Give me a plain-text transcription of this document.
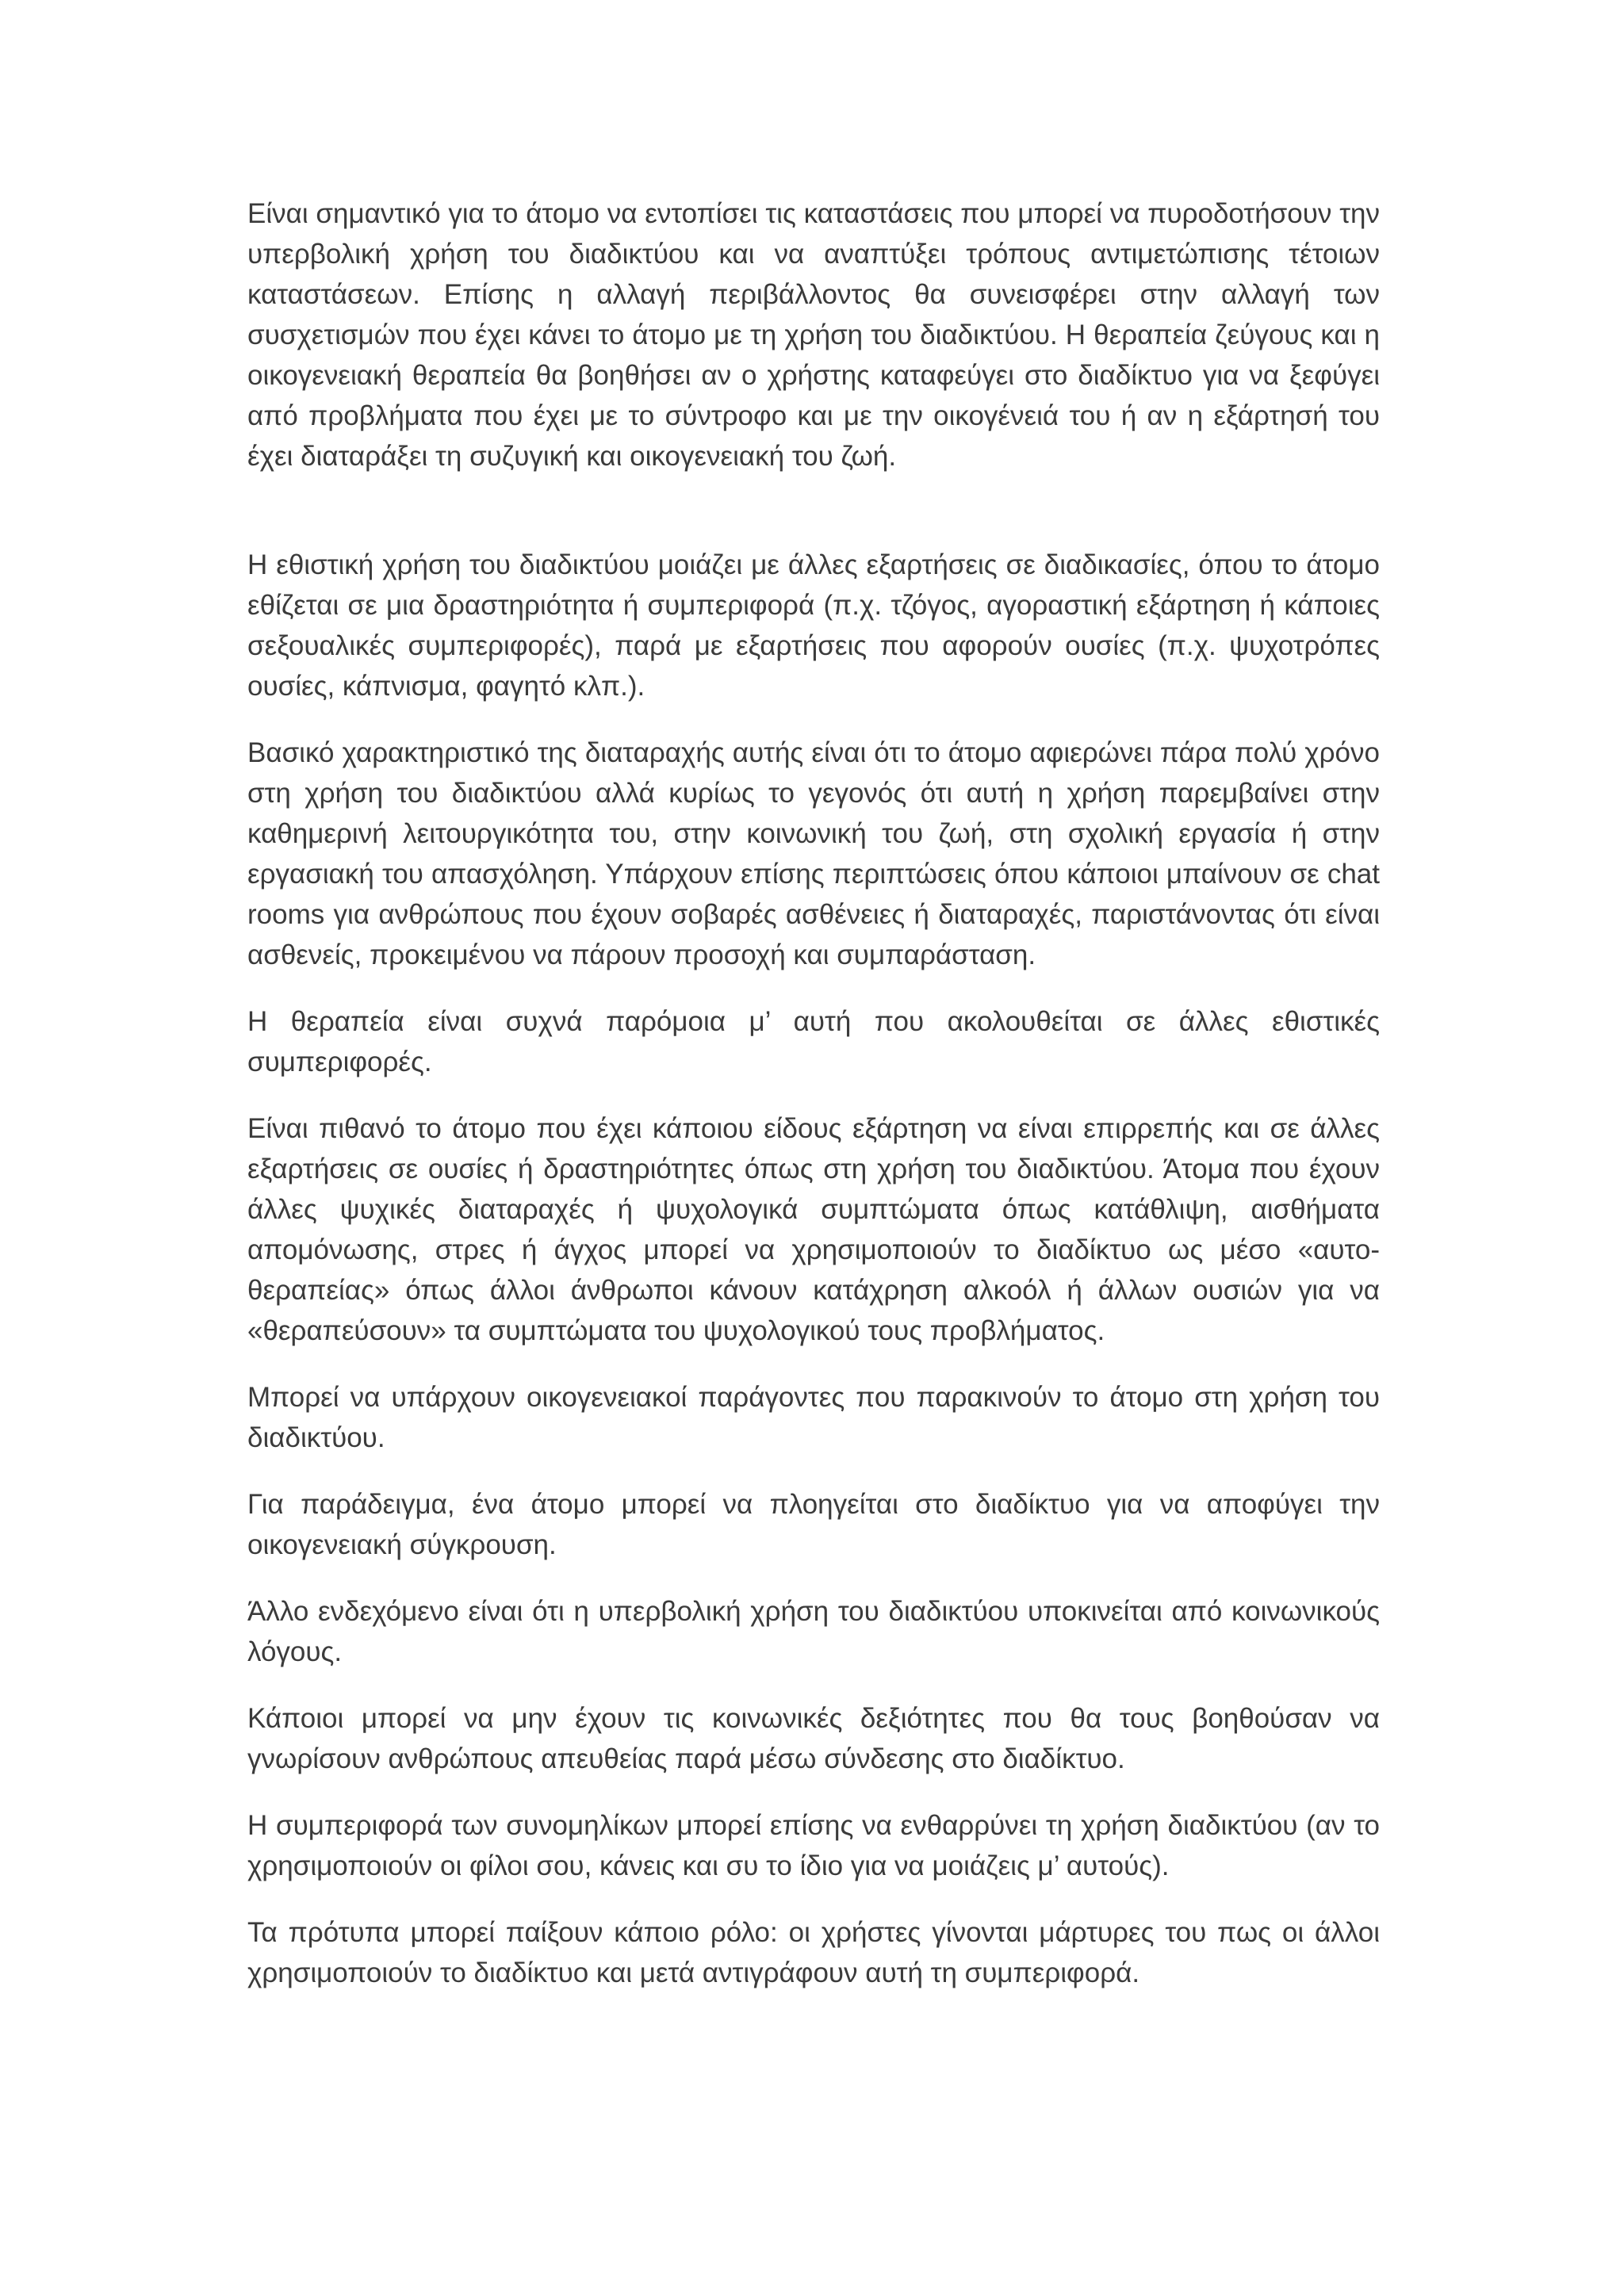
Είναι σημαντικό για το άτομο να εντοπίσει τις καταστάσεις που μπορεί να πυροδοτήσουν την υπερβολική χρήση του διαδικτύου και να αναπτύξει τρόπους αντιμετώπισης τέτοιων καταστάσεων. Επίσης η αλλαγή περιβάλλοντος θα συνεισφέρει στην αλλαγή των συσχετισμών που έχει κάνει το άτομο με τη χρήση του διαδικτύου. Η θεραπεία ζεύγους και η οικογενειακή θεραπεία θα βοηθήσει αν ο χρήστης καταφεύγει στο διαδίκτυο για να ξεφύγει από προβλήματα που έχει με το σύντροφο και με την οικογένειά του ή αν η εξάρτησή του έχει διαταράξει τη συζυγική και οικογενειακή του ζωή.

Η εθιστική χρήση του διαδικτύου μοιάζει με άλλες εξαρτήσεις σε διαδικασίες, όπου το άτομο εθίζεται σε μια δραστηριότητα ή συμπεριφορά (π.χ. τζόγος, αγοραστική εξάρτηση ή κάποιες σεξουαλικές συμπεριφορές), παρά με εξαρτήσεις που αφορούν ουσίες (π.χ. ψυχοτρόπες ουσίες, κάπνισμα, φαγητό κλπ.).

Βασικό χαρακτηριστικό της διαταραχής αυτής είναι ότι το άτομο αφιερώνει πάρα πολύ χρόνο στη χρήση του διαδικτύου αλλά κυρίως το γεγονός ότι αυτή η χρήση παρεμβαίνει στην καθημερινή λειτουργικότητα του, στην κοινωνική του ζωή, στη σχολική εργασία ή στην εργασιακή του απασχόληση. Υπάρχουν επίσης περιπτώσεις όπου κάποιοι μπαίνουν σε chat rooms για ανθρώπους που έχουν σοβαρές ασθένειες ή διαταραχές, παριστάνοντας ότι είναι ασθενείς, προκειμένου να πάρουν προσοχή και συμπαράσταση.

Η θεραπεία είναι συχνά παρόμοια μ’ αυτή που ακολουθείται σε άλλες εθιστικές συμπεριφορές.

Είναι πιθανό το άτομο που έχει κάποιου είδους εξάρτηση να είναι επιρρεπής και σε άλλες εξαρτήσεις σε ουσίες ή δραστηριότητες όπως στη χρήση του διαδικτύου. Άτομα που έχουν άλλες ψυχικές διαταραχές ή ψυχολογικά συμπτώματα όπως κατάθλιψη, αισθήματα απομόνωσης, στρες ή άγχος μπορεί να χρησιμοποιούν το διαδίκτυο ως μέσο «αυτο-θεραπείας» όπως άλλοι άνθρωποι κάνουν κατάχρηση αλκοόλ ή άλλων ουσιών για να «θεραπεύσουν» τα συμπτώματα του ψυχολογικού τους προβλήματος.

Μπορεί να υπάρχουν οικογενειακοί παράγοντες που παρακινούν το άτομο στη χρήση του διαδικτύου.

Για παράδειγμα, ένα άτομο μπορεί να πλοηγείται στο διαδίκτυο για να αποφύγει την οικογενειακή σύγκρουση.

Άλλο ενδεχόμενο είναι ότι η υπερβολική χρήση του διαδικτύου υποκινείται από κοινωνικούς λόγους.

Κάποιοι μπορεί να μην έχουν τις κοινωνικές δεξιότητες που θα τους βοηθούσαν να γνωρίσουν ανθρώπους απευθείας παρά μέσω σύνδεσης στο διαδίκτυο.

Η συμπεριφορά των συνομηλίκων μπορεί επίσης να ενθαρρύνει τη χρήση διαδικτύου (αν το χρησιμοποιούν οι φίλοι σου, κάνεις και συ το ίδιο για να μοιάζεις μ’ αυτούς).

Τα πρότυπα μπορεί παίξουν κάποιο ρόλο: οι χρήστες γίνονται μάρτυρες του πως οι άλλοι χρησιμοποιούν το διαδίκτυο και μετά αντιγράφουν αυτή τη συμπεριφορά.
